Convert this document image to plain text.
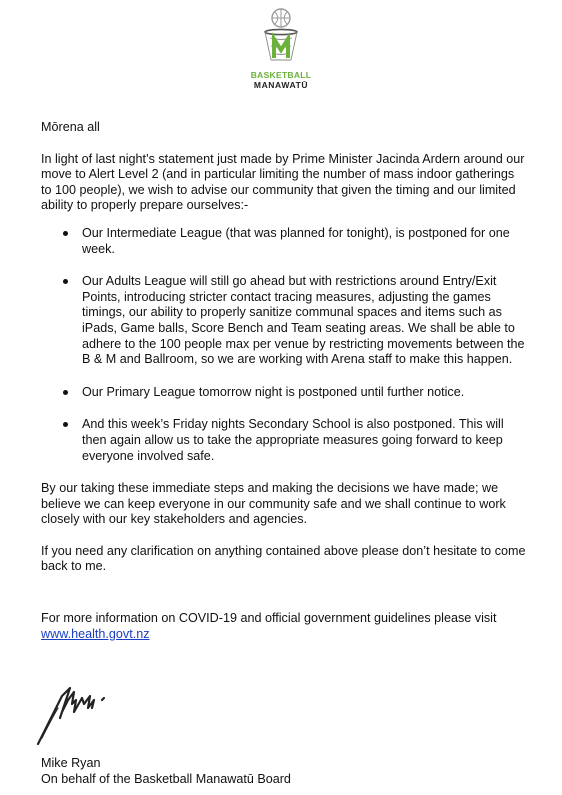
BASKETBALL
MANAWATŪ

Mōrena all

In light of last night’s statement just made by Prime Minister Jacinda Ardern around our move to Alert Level 2 (and in particular limiting the number of mass indoor gatherings to 100 people), we wish to advise our community that given the timing and our limited ability to properly prepare ourselves:-

Our Intermediate League (that was planned for tonight), is postponed for one week.
Our Adults League will still go ahead but with restrictions around Entry/Exit Points, introducing stricter contact tracing measures, adjusting the games timings, our ability to properly sanitize communal spaces and items such as iPads, Game balls, Score Bench and Team seating areas. We shall be able to adhere to the 100 people max per venue by restricting movements between the B & M and Ballroom, so we are working with Arena staff to make this happen.
Our Primary League tomorrow night is postponed until further notice.
And this week’s Friday nights Secondary School is also postponed. This will then again allow us to take the appropriate measures going forward to keep everyone involved safe.

By our taking these immediate steps and making the decisions we have made; we believe we can keep everyone in our community safe and we shall continue to work closely with our key stakeholders and agencies.

If you need any clarification on anything contained above please don’t hesitate to come back to me.

For more information on COVID-19 and official government guidelines please visit
www.health.govt.nz

Mike Ryan

On behalf of the Basketball Manawatū Board
